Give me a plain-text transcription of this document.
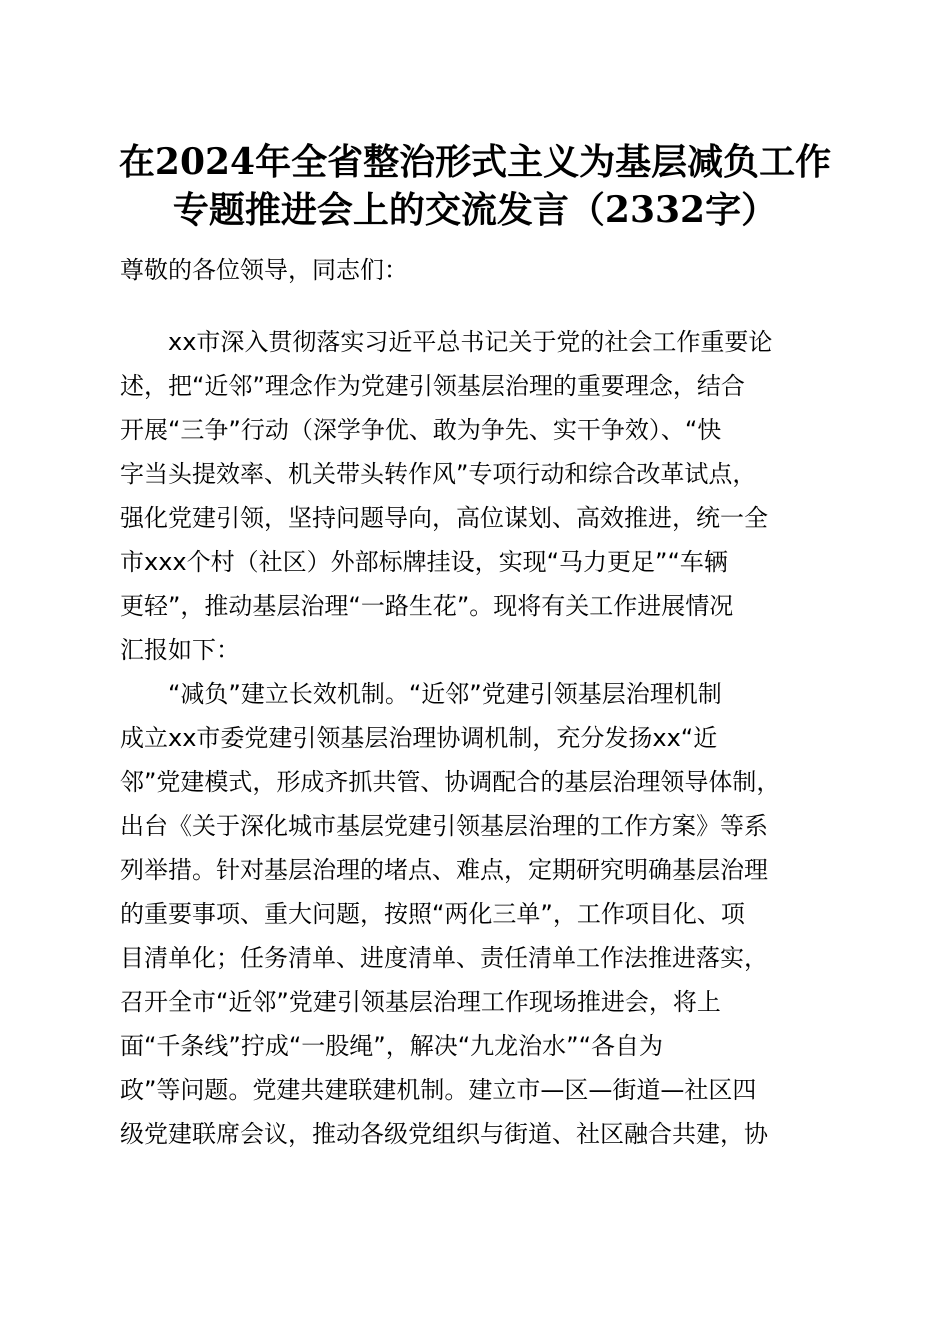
在2024年全省整治形式主义为基层减负工作
专题推进会上的交流发言（2332字）

尊敬的各位领导，同志们：

　　xx市深入贯彻落实习近平总书记关于党的社会工作重要论
述，把“近邻”理念作为党建引领基层治理的重要理念，结合
开展“三争”行动（深学争优、敢为争先、实干争效）、“快
字当头提效率、机关带头转作风”专项行动和综合改革试点，
强化党建引领，坚持问题导向，高位谋划、高效推进，统一全
市xxx个村（社区）外部标牌挂设，实现“马力更足”“车辆
更轻”，推动基层治理“一路生花”。现将有关工作进展情况
汇报如下：
　　“减负”建立长效机制。“近邻”党建引领基层治理机制
成立xx市委党建引领基层治理协调机制，充分发扬xx“近
邻”党建模式，形成齐抓共管、协调配合的基层治理领导体制，
出台《关于深化城市基层党建引领基层治理的工作方案》等系
列举措。针对基层治理的堵点、难点，定期研究明确基层治理
的重要事项、重大问题，按照“两化三单”，工作项目化、项
目清单化；任务清单、进度清单、责任清单工作法推进落实，
召开全市“近邻”党建引领基层治理工作现场推进会，将上
面“千条线”拧成“一股绳”，解决“九龙治水”“各自为
政”等问题。党建共建联建机制。建立市—区—街道—社区四
级党建联席会议，推动各级党组织与街道、社区融合共建，协
